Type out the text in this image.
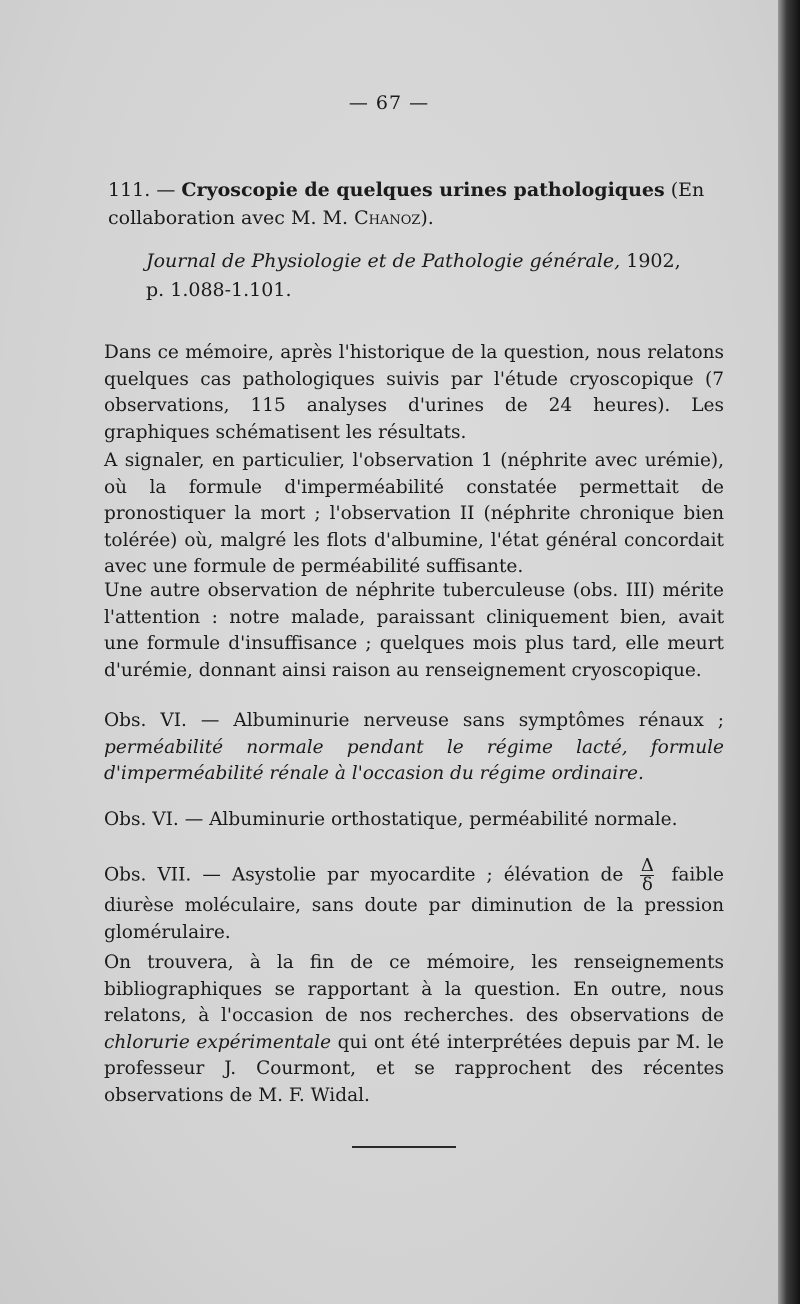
— 67 —
111. — Cryoscopie de quelques urines pathologiques (En collaboration avec M. M. Chanoz).
Journal de Physiologie et de Pathologie générale, 1902,
p. 1.088-1.101.

Dans ce mémoire, après l'historique de la question, nous relatons quelques cas pathologiques suivis par l'étude cryoscopique (7 observations, 115 analyses d'urines de 24 heures). Les graphiques schématisent les résultats.

A signaler, en particulier, l'observation 1 (néphrite avec urémie), où la formule d'imperméabilité constatée permettait de pronostiquer la mort ; l'observation II (néphrite chronique bien tolérée) où, malgré les flots d'albumine, l'état général concordait avec une formule de perméabilité suffisante.

Une autre observation de néphrite tuberculeuse (obs. III) mérite l'attention : notre malade, paraissant cliniquement bien, avait une formule d'insuffisance ; quelques mois plus tard, elle meurt d'urémie, donnant ainsi raison au renseignement cryoscopique.

Obs. VI. — Albuminurie nerveuse sans symptômes rénaux ; perméabilité normale pendant le régime lacté, formule d'imperméabilité rénale à l'occasion du régime ordinaire.

Obs. VI. — Albuminurie orthostatique, perméabilité normale.

Obs. VII. — Asystolie par myocardite ; élévation de $\frac{\Delta}{\delta}$ faible diurèse moléculaire, sans doute par diminution de la pression glomérulaire.

On trouvera, à la fin de ce mémoire, les renseignements bibliographiques se rapportant à la question. En outre, nous relatons, à l'occasion de nos recherches. des observations de chlorurie expérimentale qui ont été interprétées depuis par M. le professeur J. Courmont, et se rapprochent des récentes observations de M. F. Widal.
